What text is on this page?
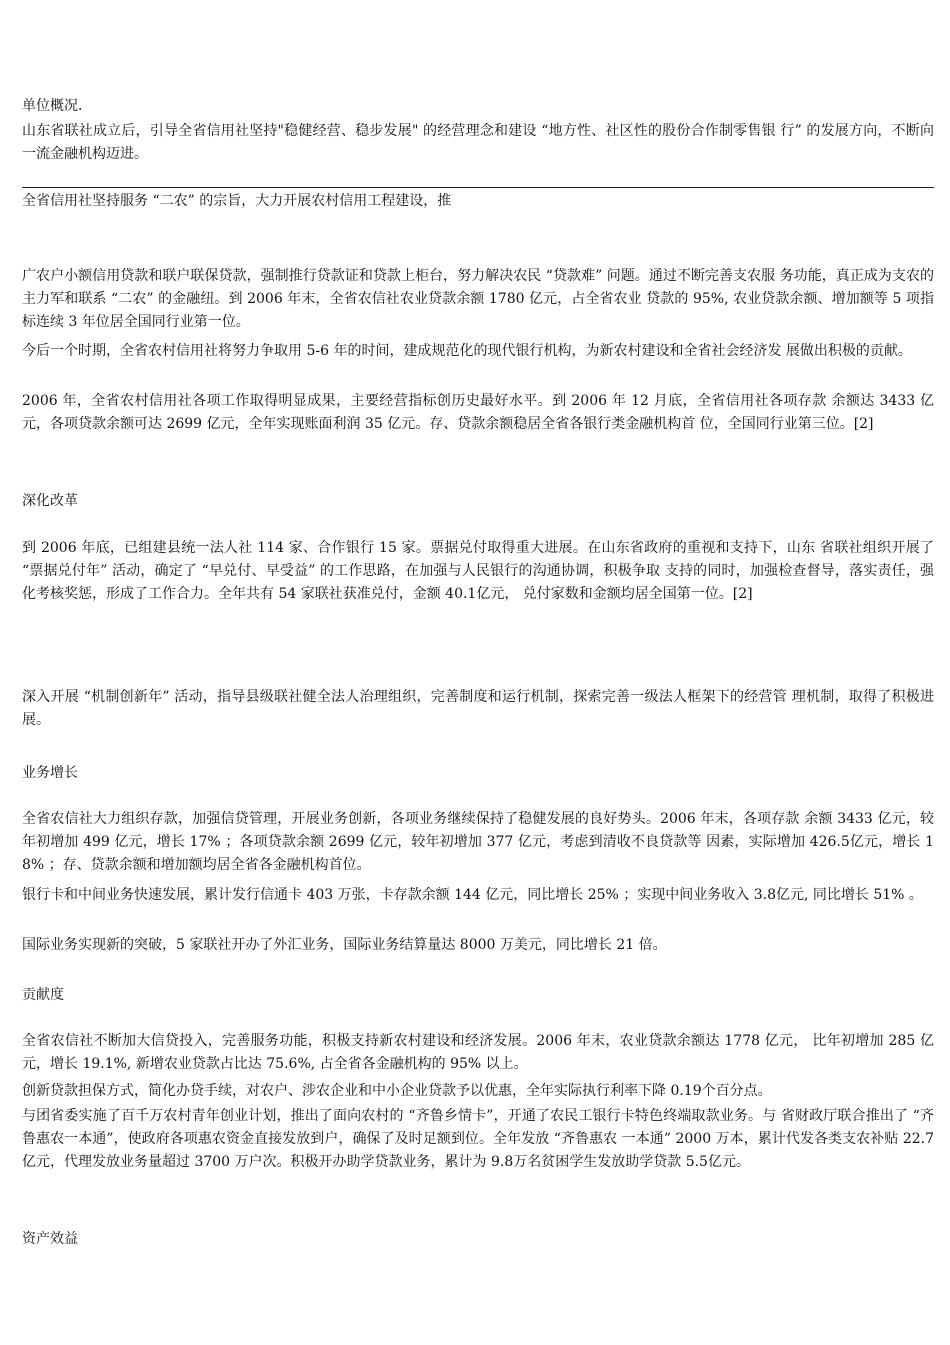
单位概况.
山东省联社成立后，引导全省信用社坚持"稳健经营、稳步发展" 的经营理念和建设 “地方性、社区性的股份合作制零售银 行” 的发展方向，不断向一流金融机构迈进。
全省信用社坚持服务 “二农” 的宗旨，大力开展农村信用工程建设，推
广农户小额信用贷款和联户联保贷款，强制推行贷款证和贷款上柜台，努力解决农民 “贷款难” 问题。通过不断完善支农服 务功能，真正成为支农的主力军和联系 “二农” 的金融纽。到 2006 年末，全省农信社农业贷款余额 1780 亿元，占全省农业 贷款的 95%, 农业贷款余额、增加额等 5 项指标连续 3 年位居全国同行业第一位。
今后一个时期，全省农村信用社将努力争取用 5-6 年的时间，建成规范化的现代银行机构，为新农村建设和全省社会经济发 展做出积极的贡献。
2006 年，全省农村信用社各项工作取得明显成果，主要经营指标创历史最好水平。到 2006 年 12 月底，全省信用社各项存款 余额达 3433 亿元，各项贷款余额可达 2699 亿元，全年实现账面利润 35 亿元。存、贷款余额稳居全省各银行类金融机构首 位，全国同行业第三位。[2]
深化改革
到 2006 年底，已组建县统一法人社 114 家、合作银行 15 家。票据兑付取得重大进展。在山东省政府的重视和支持下，山东 省联社组织开展了 “票据兑付年” 活动，确定了 “早兑付、早受益” 的工作思路，在加强与人民银行的沟通协调，积极争取 支持的同时，加强检查督导，落实责任，强化考核奖惩，形成了工作合力。全年共有 54 家联社获准兑付，金额 40.1亿元， 兑付家数和金额均居全国第一位。[2]
深入开展 “机制创新年” 活动，指导县级联社健全法人治理组织，完善制度和运行机制，探索完善一级法人框架下的经营管 理机制，取得了积极进展。
业务增长
全省农信社大力组织存款，加强信贷管理，开展业务创新，各项业务继续保持了稳健发展的良好势头。2006 年末，各项存款 余额 3433 亿元，较年初增加 499 亿元，增长 17% ；各项贷款余额 2699 亿元，较年初增加 377 亿元，考虑到清收不良贷款等 因素，实际增加 426.5亿元，增长 18% ；存、贷款余额和增加额均居全省各金融机构首位。
银行卡和中间业务快速发展，累计发行信通卡 403 万张，卡存款余额 144 亿元，同比增长 25% ；实现中间业务收入 3.8亿元, 同比增长 51% 。
国际业务实现新的突破，5 家联社开办了外汇业务，国际业务结算量达 8000 万美元，同比增长 21 倍。
贡献度
全省农信社不断加大信贷投入，完善服务功能，积极支持新农村建设和经济发展。2006 年末，农业贷款余额达 1778 亿元， 比年初增加 285 亿元，增长 19.1%, 新增农业贷款占比达 75.6%, 占全省各金融机构的 95% 以上。
创新贷款担保方式，简化办贷手续，对农户、涉农企业和中小企业贷款予以优惠，全年实际执行利率下降 0.19个百分点。
与团省委实施了百千万农村青年创业计划，推出了面向农村的 “齐鲁乡情卡”，开通了农民工银行卡特色终端取款业务。与 省财政厅联合推出了 “齐鲁惠农一本通”，使政府各项惠农资金直接发放到户，确保了及时足额到位。全年发放 “齐鲁惠农 一本通” 2000 万本，累计代发各类支农补贴 22.7亿元，代理发放业务量超过 3700 万户次。积极开办助学贷款业务，累计为 9.8万名贫困学生发放助学贷款 5.5亿元。
资产效益
